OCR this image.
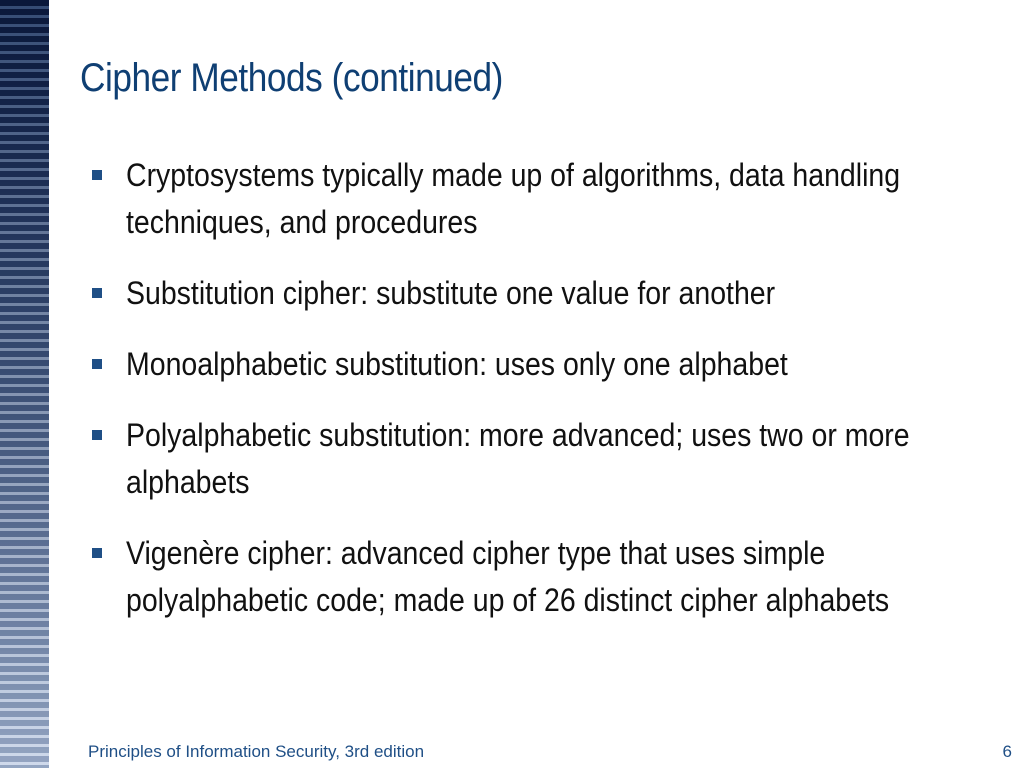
Cipher Methods (continued)
Cryptosystems typically made up of algorithms, data handling techniques, and procedures
Substitution cipher: substitute one value for another
Monoalphabetic substitution: uses only one alphabet
Polyalphabetic substitution: more advanced; uses two or more alphabets
Vigenère cipher: advanced cipher type that uses simple polyalphabetic code; made up of 26 distinct cipher alphabets
Principles of Information Security, 3rd edition	6
